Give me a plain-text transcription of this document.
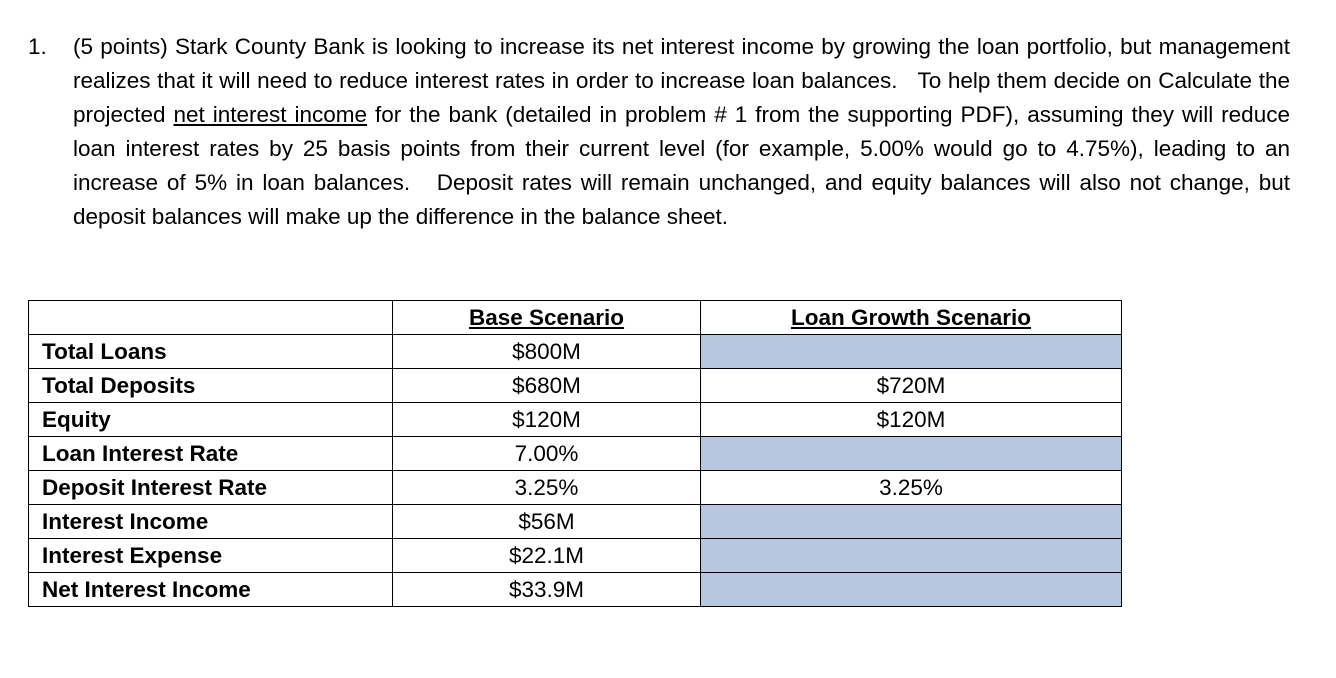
1.	(5 points) Stark County Bank is looking to increase its net interest income by growing the loan portfolio, but management realizes that it will need to reduce interest rates in order to increase loan balances.   To help them decide on Calculate the projected net interest income for the bank (detailed in problem # 1 from the supporting PDF), assuming they will reduce loan interest rates by 25 basis points from their current level (for example, 5.00% would go to 4.75%), leading to an increase of 5% in loan balances.   Deposit rates will remain unchanged, and equity balances will also not change, but deposit balances will make up the difference in the balance sheet.
	Base Scenario	Loan Growth Scenario
Total Loans	$800M	
Total Deposits	$680M	$720M
Equity	$120M	$120M
Loan Interest Rate	7.00%	
Deposit Interest Rate	3.25%	3.25%
Interest Income	$56M	
Interest Expense	$22.1M	
Net Interest Income	$33.9M	
